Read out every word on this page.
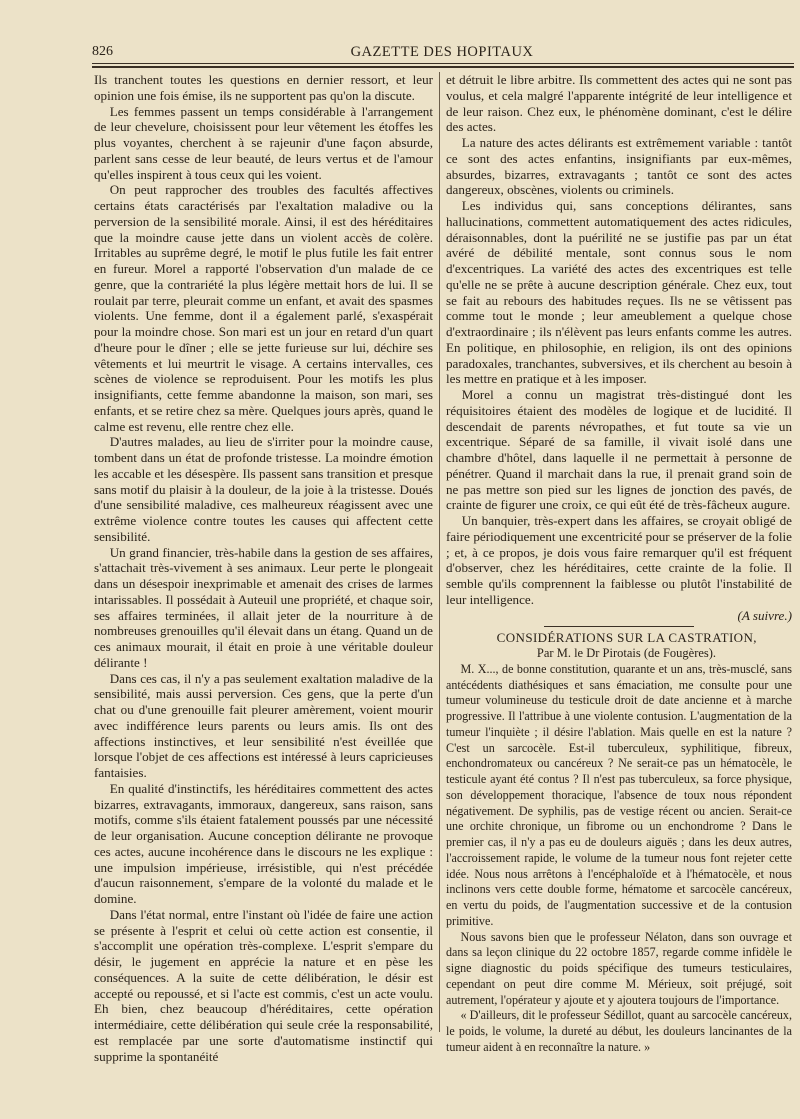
826	GAZETTE DES HOPITAUX

Ils tranchent toutes les questions en dernier ressort, et leur opinion une fois émise, ils ne supportent pas qu'on la discute.

Les femmes passent un temps considérable à l'arrangement de leur chevelure, choisissent pour leur vêtement les étoffes les plus voyantes, cherchent à se rajeunir d'une façon absurde, parlent sans cesse de leur beauté, de leurs vertus et de l'amour qu'elles inspirent à tous ceux qui les voient.

On peut rapprocher des troubles des facultés affectives certains états caractérisés par l'exaltation maladive ou la perversion de la sensibilité morale. Ainsi, il est des héréditaires que la moindre cause jette dans un violent accès de colère. Irritables au suprême degré, le motif le plus futile les fait entrer en fureur. Morel a rapporté l'observation d'un malade de ce genre, que la contrariété la plus légère mettait hors de lui. Il se roulait par terre, pleurait comme un enfant, et avait des spasmes violents. Une femme, dont il a également parlé, s'exaspérait pour la moindre chose. Son mari est un jour en retard d'un quart d'heure pour le dîner ; elle se jette furieuse sur lui, déchire ses vêtements et lui meurtrit le visage. A certains intervalles, ces scènes de violence se reproduisent. Pour les motifs les plus insignifiants, cette femme abandonne la maison, son mari, ses enfants, et se retire chez sa mère. Quelques jours après, quand le calme est revenu, elle rentre chez elle.

D'autres malades, au lieu de s'irriter pour la moindre cause, tombent dans un état de profonde tristesse. La moindre émotion les accable et les désespère. Ils passent sans transition et presque sans motif du plaisir à la douleur, de la joie à la tristesse. Doués d'une sensibilité maladive, ces malheureux réagissent avec une extrême violence contre toutes les causes qui affectent cette sensibilité.

Un grand financier, très-habile dans la gestion de ses affaires, s'attachait très-vivement à ses animaux. Leur perte le plongeait dans un désespoir inexprimable et amenait des crises de larmes intarissables. Il possédait à Auteuil une propriété, et chaque soir, ses affaires terminées, il allait jeter de la nourriture à de nombreuses grenouilles qu'il élevait dans un étang. Quand un de ces animaux mourait, il était en proie à une véritable douleur délirante !

Dans ces cas, il n'y a pas seulement exaltation maladive de la sensibilité, mais aussi perversion. Ces gens, que la perte d'un chat ou d'une grenouille fait pleurer amèrement, voient mourir avec indifférence leurs parents ou leurs amis. Ils ont des affections instinctives, et leur sensibilité n'est éveillée que lorsque l'objet de ces affections est intéressé à leurs capricieuses fantaisies.

En qualité d'instinctifs, les héréditaires commettent des actes bizarres, extravagants, immoraux, dangereux, sans raison, sans motifs, comme s'ils étaient fatalement poussés par une nécessité de leur organisation. Aucune conception délirante ne provoque ces actes, aucune incohérence dans le discours ne les explique : une impulsion impérieuse, irrésistible, qui n'est précédée d'aucun raisonnement, s'empare de la volonté du malade et le domine.

Dans l'état normal, entre l'instant où l'idée de faire une action se présente à l'esprit et celui où cette action est consentie, il s'accomplit une opération très-complexe. L'esprit s'empare du désir, le jugement en apprécie la nature et en pèse les conséquences. A la suite de cette délibération, le désir est accepté ou repoussé, et si l'acte est commis, c'est un acte voulu. Eh bien, chez beaucoup d'héréditaires, cette opération intermédiaire, cette délibération qui seule crée la responsabilité, est remplacée par une sorte d'automatisme instinctif qui supprime la spontanéité

et détruit le libre arbitre. Ils commettent des actes qui ne sont pas voulus, et cela malgré l'apparente intégrité de leur intelligence et de leur raison. Chez eux, le phénomène dominant, c'est le délire des actes.

La nature des actes délirants est extrêmement variable : tantôt ce sont des actes enfantins, insignifiants par eux-mêmes, absurdes, bizarres, extravagants ; tantôt ce sont des actes dangereux, obscènes, violents ou criminels.

Les individus qui, sans conceptions délirantes, sans hallucinations, commettent automatiquement des actes ridicules, déraisonnables, dont la puérilité ne se justifie pas par un état avéré de débilité mentale, sont connus sous le nom d'excentriques. La variété des actes des excentriques est telle qu'elle ne se prête à aucune description générale. Chez eux, tout se fait au rebours des habitudes reçues. Ils ne se vêtissent pas comme tout le monde ; leur ameublement a quelque chose d'extraordinaire ; ils n'élèvent pas leurs enfants comme les autres. En politique, en philosophie, en religion, ils ont des opinions paradoxales, tranchantes, subversives, et ils cherchent au besoin à les mettre en pratique et à les imposer.

Morel a connu un magistrat très-distingué dont les réquisitoires étaient des modèles de logique et de lucidité. Il descendait de parents névropathes, et fut toute sa vie un excentrique. Séparé de sa famille, il vivait isolé dans une chambre d'hôtel, dans laquelle il ne permettait à personne de pénétrer. Quand il marchait dans la rue, il prenait grand soin de ne pas mettre son pied sur les lignes de jonction des pavés, de crainte de figurer une croix, ce qui eût été de très-fâcheux augure.

Un banquier, très-expert dans les affaires, se croyait obligé de faire périodiquement une excentricité pour se préserver de la folie ; et, à ce propos, je dois vous faire remarquer qu'il est fréquent d'observer, chez les héréditaires, cette crainte de la folie. Il semble qu'ils comprennent la faiblesse ou plutôt l'instabilité de leur intelligence.

(A suivre.)

CONSIDÉRATIONS SUR LA CASTRATION,

Par M. le Dr Pirotais (de Fougères).

M. X..., de bonne constitution, quarante et un ans, très-musclé, sans antécédents diathésiques et sans émaciation, me consulte pour une tumeur volumineuse du testicule droit de date ancienne et à marche progressive. Il l'attribue à une violente contusion. L'augmentation de la tumeur l'inquiète ; il désire l'ablation. Mais quelle en est la nature ? C'est un sarcocèle. Est-il tuberculeux, syphilitique, fibreux, enchondromateux ou cancéreux ? Ne serait-ce pas un hématocèle, le testicule ayant été contus ? Il n'est pas tuberculeux, sa force physique, son développement thoracique, l'absence de toux nous répondent négativement. De syphilis, pas de vestige récent ou ancien. Serait-ce une orchite chronique, un fibrome ou un enchondrome ? Dans le premier cas, il n'y a pas eu de douleurs aiguës ; dans les deux autres, l'accroissement rapide, le volume de la tumeur nous font rejeter cette idée. Nous nous arrêtons à l'encéphaloïde et à l'hématocèle, et nous inclinons vers cette double forme, hématome et sarcocèle cancéreux, en vertu du poids, de l'augmentation successive et de la contusion primitive.

Nous savons bien que le professeur Nélaton, dans son ouvrage et dans sa leçon clinique du 22 octobre 1857, regarde comme infidèle le signe diagnostic du poids spécifique des tumeurs testiculaires, cependant on peut dire comme M. Mérieux, soit préjugé, soit autrement, l'opérateur y ajoute et y ajoutera toujours de l'importance.

« D'ailleurs, dit le professeur Sédillot, quant au sarcocèle cancéreux, le poids, le volume, la dureté au début, les douleurs lancinantes de la tumeur aident à en reconnaître la nature. »
